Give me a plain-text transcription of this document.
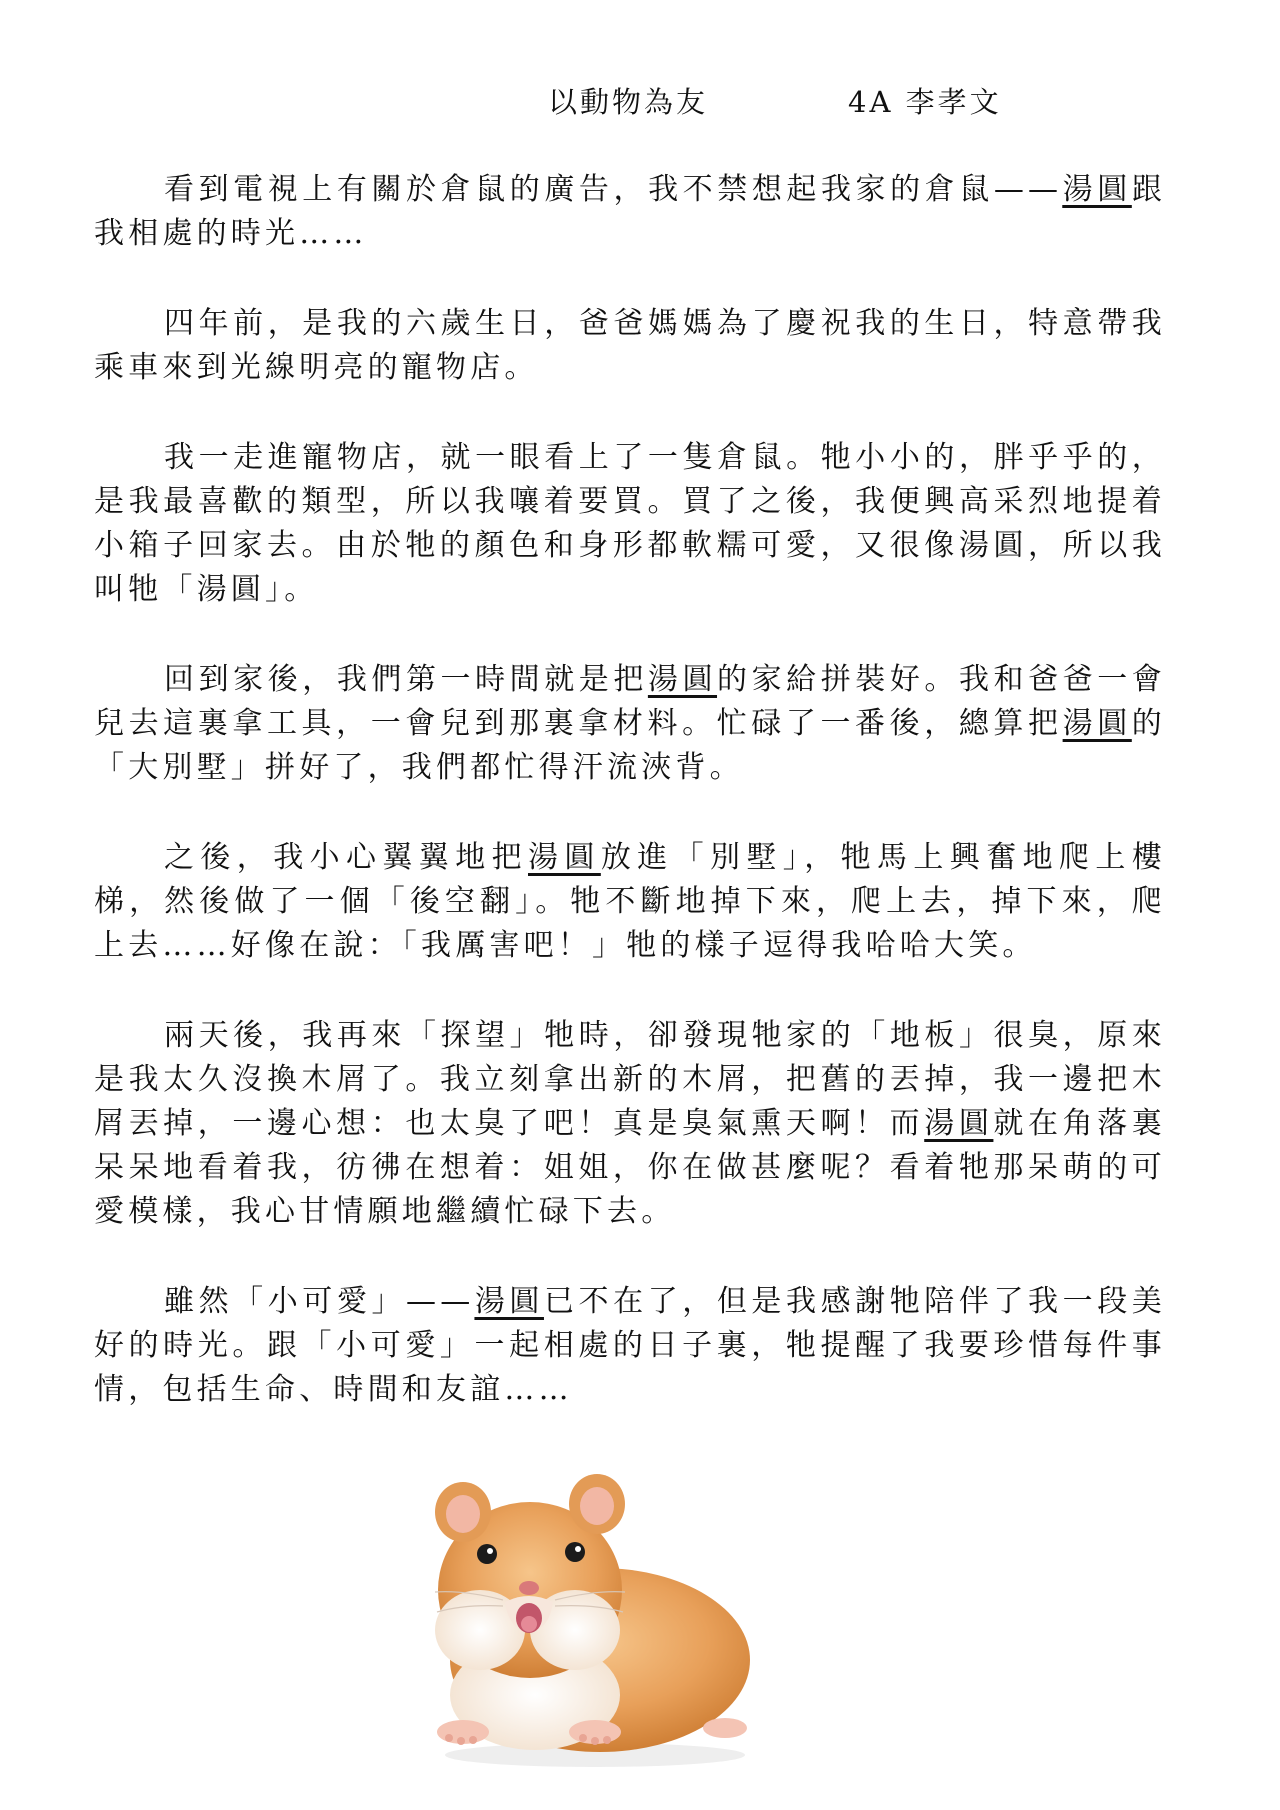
以動物為友	4A 李孝文

看到電視上有關於倉鼠的廣告，我不禁想起我家的倉鼠——湯圓跟我相處的時光……

四年前，是我的六歲生日，爸爸媽媽為了慶祝我的生日，特意帶我乘車來到光線明亮的寵物店。

我一走進寵物店，就一眼看上了一隻倉鼠。牠小小的，胖乎乎的，是我最喜歡的類型，所以我嚷着要買。買了之後，我便興高采烈地提着小箱子回家去。由於牠的顏色和身形都軟糯可愛，又很像湯圓，所以我叫牠「湯圓」。

回到家後，我們第一時間就是把湯圓的家給拼裝好。我和爸爸一會兒去這裏拿工具，一會兒到那裏拿材料。忙碌了一番後，總算把湯圓的「大別墅」拼好了，我們都忙得汗流浹背。

之後，我小心翼翼地把湯圓放進「別墅」，牠馬上興奮地爬上樓梯，然後做了一個「後空翻」。牠不斷地掉下來，爬上去，掉下來，爬上去……好像在說：「我厲害吧！」牠的樣子逗得我哈哈大笑。

兩天後，我再來「探望」牠時，卻發現牠家的「地板」很臭，原來是我太久沒換木屑了。我立刻拿出新的木屑，把舊的丟掉，我一邊把木屑丟掉，一邊心想：也太臭了吧！真是臭氣熏天啊！而湯圓就在角落裏呆呆地看着我，彷彿在想着：姐姐，你在做甚麼呢？看着牠那呆萌的可愛模樣，我心甘情願地繼續忙碌下去。

雖然「小可愛」——湯圓已不在了，但是我感謝牠陪伴了我一段美好的時光。跟「小可愛」一起相處的日子裏，牠提醒了我要珍惜每件事情，包括生命、時間和友誼……
